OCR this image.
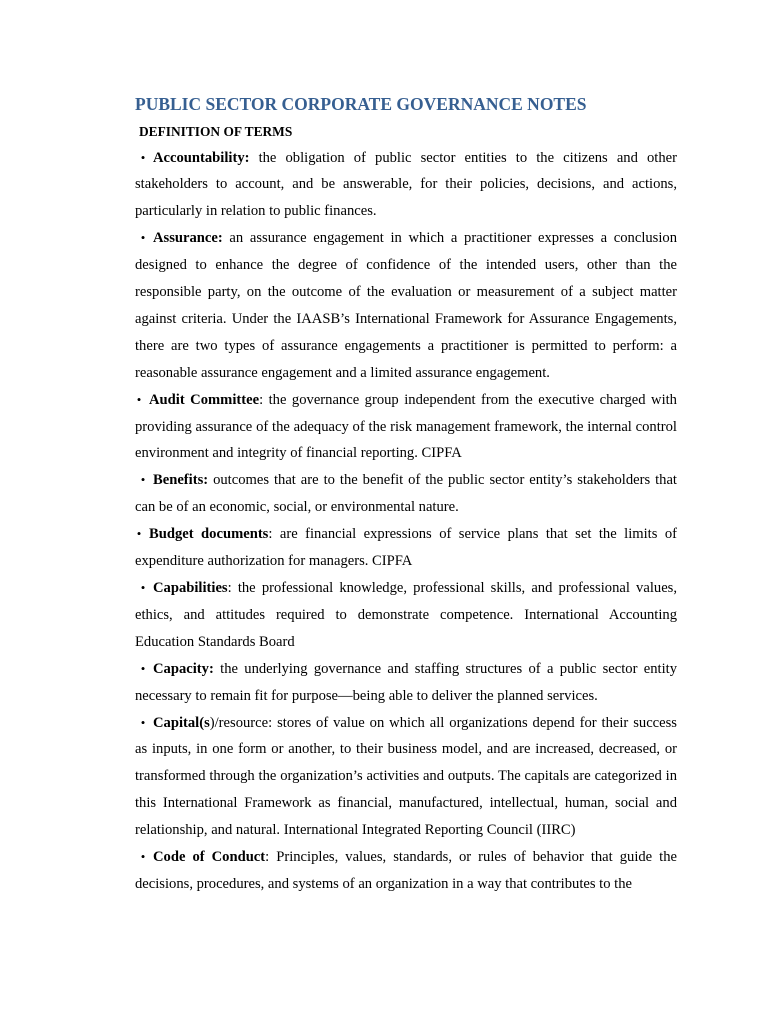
PUBLIC SECTOR CORPORATE GOVERNANCE NOTES
DEFINITION OF TERMS
• Accountability: the obligation of public sector entities to the citizens and other stakeholders to account, and be answerable, for their policies, decisions, and actions, particularly in relation to public finances.
• Assurance: an assurance engagement in which a practitioner expresses a conclusion designed to enhance the degree of confidence of the intended users, other than the responsible party, on the outcome of the evaluation or measurement of a subject matter against criteria. Under the IAASB’s International Framework for Assurance Engagements, there are two types of assurance engagements a practitioner is permitted to perform: a reasonable assurance engagement and a limited assurance engagement.
• Audit Committee: the governance group independent from the executive charged with providing assurance of the adequacy of the risk management framework, the internal control environment and integrity of financial reporting. CIPFA
• Benefits: outcomes that are to the benefit of the public sector entity’s stakeholders that can be of an economic, social, or environmental nature.
• Budget documents: are financial expressions of service plans that set the limits of expenditure authorization for managers. CIPFA
• Capabilities: the professional knowledge, professional skills, and professional values, ethics, and attitudes required to demonstrate competence. International Accounting Education Standards Board
• Capacity: the underlying governance and staffing structures of a public sector entity necessary to remain fit for purpose—being able to deliver the planned services.
• Capital(s)/resource: stores of value on which all organizations depend for their success as inputs, in one form or another, to their business model, and are increased, decreased, or transformed through the organization’s activities and outputs. The capitals are categorized in this International Framework as financial, manufactured, intellectual, human, social and relationship, and natural. International Integrated Reporting Council (IIRC)
• Code of Conduct: Principles, values, standards, or rules of behavior that guide the decisions, procedures, and systems of an organization in a way that contributes to the
